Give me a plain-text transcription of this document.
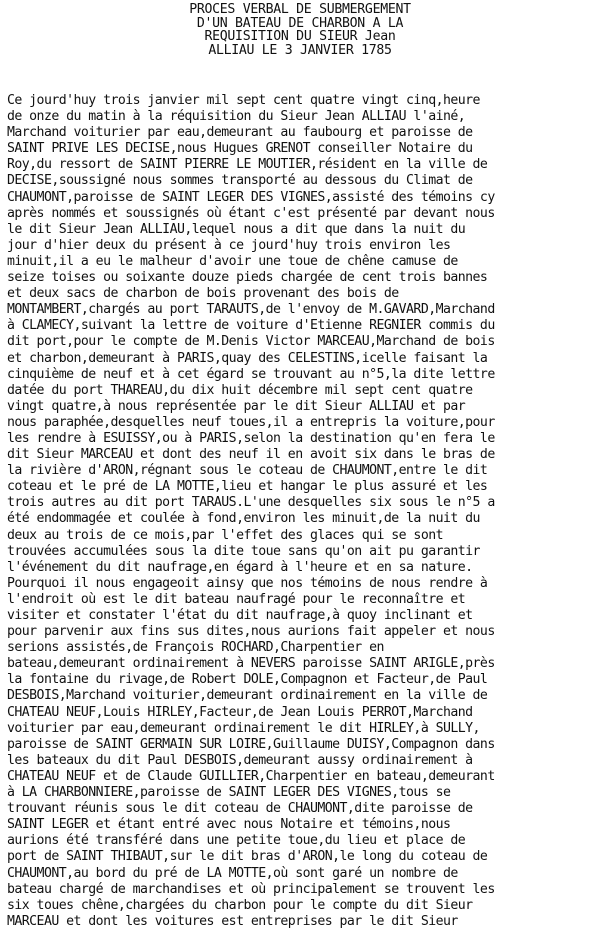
PROCES VERBAL DE SUBMERGEMENT
D'UN BATEAU DE CHARBON A LA
REQUISITION DU SIEUR Jean
ALLIAU LE 3 JANVIER 1785
Ce jourd'huy trois janvier mil sept cent quatre vingt cinq,heure
de onze du matin à la réquisition du Sieur Jean ALLIAU l'ainé,
Marchand voiturier par eau,demeurant au faubourg et paroisse de
SAINT PRIVE LES DECISE,nous Hugues GRENOT conseiller Notaire du
Roy,du ressort de SAINT PIERRE LE MOUTIER,résident en la ville de
DECISE,soussigné nous sommes transporté au dessous du Climat de
CHAUMONT,paroisse de SAINT LEGER DES VIGNES,assisté des témoins cy
après nommés et soussignés où étant c'est présenté par devant nous
le dit Sieur Jean ALLIAU,lequel nous a dit que dans la nuit du
jour d'hier deux du présent à ce jourd'huy trois environ les
minuit,il a eu le malheur d'avoir une toue de chêne camuse de
seize toises ou soixante douze pieds chargée de cent trois bannes
et deux sacs de charbon de bois provenant des bois de
MONTAMBERT,chargés au port TARAUTS,de l'envoy de M.GAVARD,Marchand
à CLAMECY,suivant la lettre de voiture d'Etienne REGNIER commis du
dit port,pour le compte de M.Denis Victor MARCEAU,Marchand de bois
et charbon,demeurant à PARIS,quay des CELESTINS,icelle faisant la
cinquième de neuf et à cet égard se trouvant au n°5,la dite lettre
datée du port THAREAU,du dix huit décembre mil sept cent quatre
vingt quatre,à nous représentée par le dit Sieur ALLIAU et par
nous paraphée,desquelles neuf toues,il a entrepris la voiture,pour
les rendre à ESUISSY,ou à PARIS,selon la destination qu'en fera le
dit Sieur MARCEAU et dont des neuf il en avoit six dans le bras de
la rivière d'ARON,régnant sous le coteau de CHAUMONT,entre le dit
coteau et le pré de LA MOTTE,lieu et hangar le plus assuré et les
trois autres au dit port TARAUS.L'une desquelles six sous le n°5 a
été endommagée et coulée à fond,environ les minuit,de la nuit du
deux au trois de ce mois,par l'effet des glaces qui se sont
trouvées accumulées sous la dite toue sans qu'on ait pu garantir
l'événement du dit naufrage,en égard à l'heure et en sa nature.
Pourquoi il nous engageoit ainsy que nos témoins de nous rendre à
l'endroit où est le dit bateau naufragé pour le reconnaître et
visiter et constater l'état du dit naufrage,à quoy inclinant et
pour parvenir aux fins sus dites,nous aurions fait appeler et nous
serions assistés,de François ROCHARD,Charpentier en
bateau,demeurant ordinairement à NEVERS paroisse SAINT ARIGLE,près
la fontaine du rivage,de Robert DOLE,Compagnon et Facteur,de Paul
DESBOIS,Marchand voiturier,demeurant ordinairement en la ville de
CHATEAU NEUF,Louis HIRLEY,Facteur,de Jean Louis PERROT,Marchand
voiturier par eau,demeurant ordinairement le dit HIRLEY,à SULLY,
paroisse de SAINT GERMAIN SUR LOIRE,Guillaume DUISY,Compagnon dans
les bateaux du dit Paul DESBOIS,demeurant aussy ordinairement à
CHATEAU NEUF et de Claude GUILLIER,Charpentier en bateau,demeurant
à LA CHARBONNIERE,paroisse de SAINT LEGER DES VIGNES,tous se
trouvant réunis sous le dit coteau de CHAUMONT,dite paroisse de
SAINT LEGER et étant entré avec nous Notaire et témoins,nous
aurions été transféré dans une petite toue,du lieu et place de
port de SAINT THIBAUT,sur le dit bras d'ARON,le long du coteau de
CHAUMONT,au bord du pré de LA MOTTE,où sont garé un nombre de
bateau chargé de marchandises et où principalement se trouvent les
six toues chêne,chargées du charbon pour le compte du dit Sieur
MARCEAU et dont les voitures est entreprises par le dit Sieur
